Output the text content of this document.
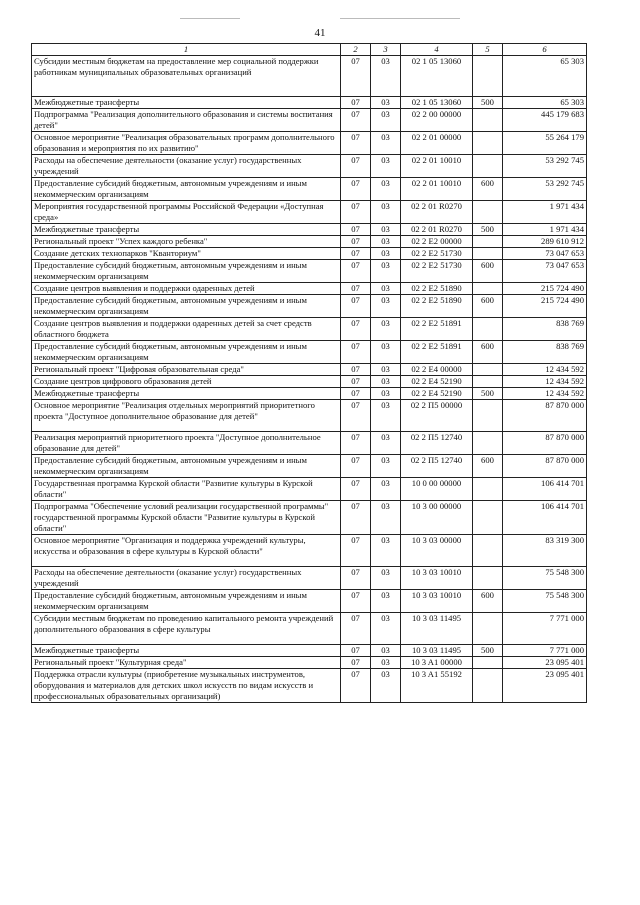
41
1	2	3	4	5	6
Субсидии местным бюджетам на предоставление мер социальной поддержки работникам муниципальных образовательных организаций	07	03	02 1 05 13060		65 303
Межбюджетные трансферты	07	03	02 1 05 13060	500	65 303
Подпрограмма "Реализация дополнительного образования и системы воспитания детей"	07	03	02 2 00 00000		445 179 683
Основное мероприятие "Реализация образовательных программ дополнительного образования и мероприятия по их развитию"	07	03	02 2 01 00000		55 264 179
Расходы на обеспечение деятельности (оказание услуг) государственных учреждений	07	03	02 2 01 10010		53 292 745
Предоставление субсидий бюджетным, автономным учреждениям и иным некоммерческим организациям	07	03	02 2 01 10010	600	53 292 745
Мероприятия государственной программы Российской Федерации «Доступная среда»	07	03	02 2 01 R0270		1 971 434
Межбюджетные трансферты	07	03	02 2 01 R0270	500	1 971 434
Региональный проект "Успех каждого ребенка"	07	03	02 2 E2 00000		289 610 912
Создание детских технопарков "Кванториум"	07	03	02 2 E2 51730		73 047 653
Предоставление субсидий бюджетным, автономным учреждениям и иным некоммерческим организациям	07	03	02 2 E2 51730	600	73 047 653
Создание центров выявления и поддержки одаренных детей	07	03	02 2 E2 51890		215 724 490
Предоставление субсидий бюджетным, автономным учреждениям и иным некоммерческим организациям	07	03	02 2 E2 51890	600	215 724 490
Создание центров выявления и поддержки одаренных детей за счет средств областного бюджета	07	03	02 2 E2 51891		838 769
Предоставление субсидий бюджетным, автономным учреждениям и иным некоммерческим организациям	07	03	02 2 E2 51891	600	838 769
Региональный проект "Цифровая образовательная среда"	07	03	02 2 E4 00000		12 434 592
Создание центров цифрового образования детей	07	03	02 2 E4 52190		12 434 592
Межбюджетные трансферты	07	03	02 2 E4 52190	500	12 434 592
Основное мероприятие "Реализация отдельных мероприятий приоритетного проекта "Доступное дополнительное образование для детей"	07	03	02 2 П5 00000		87 870 000
Реализация мероприятий приоритетного проекта "Доступное дополнительное образование для детей"	07	03	02 2 П5 12740		87 870 000
Предоставление субсидий бюджетным, автономным учреждениям и иным некоммерческим организациям	07	03	02 2 П5 12740	600	87 870 000
Государственная программа Курской области "Развитие культуры в Курской области"	07	03	10 0 00 00000		106 414 701
Подпрограмма "Обеспечение условий реализации государственной программы" государственной программы Курской области "Развитие культуры в Курской области"	07	03	10 3 00 00000		106 414 701
Основное мероприятие "Организация и поддержка учреждений культуры, искусства и образования в сфере культуры в Курской области"	07	03	10 3 03 00000		83 319 300
Расходы на обеспечение деятельности (оказание услуг) государственных учреждений	07	03	10 3 03 10010		75 548 300
Предоставление субсидий бюджетным, автономным учреждениям и иным некоммерческим организациям	07	03	10 3 03 10010	600	75 548 300
Субсидии местным бюджетам по проведению капитального ремонта учреждений дополнительного образования в сфере культуры	07	03	10 3 03 11495		7 771 000
Межбюджетные трансферты	07	03	10 3 03 11495	500	7 771 000
Региональный проект "Культурная среда"	07	03	10 3 A1 00000		23 095 401
Поддержка отрасли культуры (приобретение музыкальных инструментов, оборудования и материалов для детских школ искусств по видам искусств и профессиональных образовательных организаций)	07	03	10 3 A1 55192		23 095 401
